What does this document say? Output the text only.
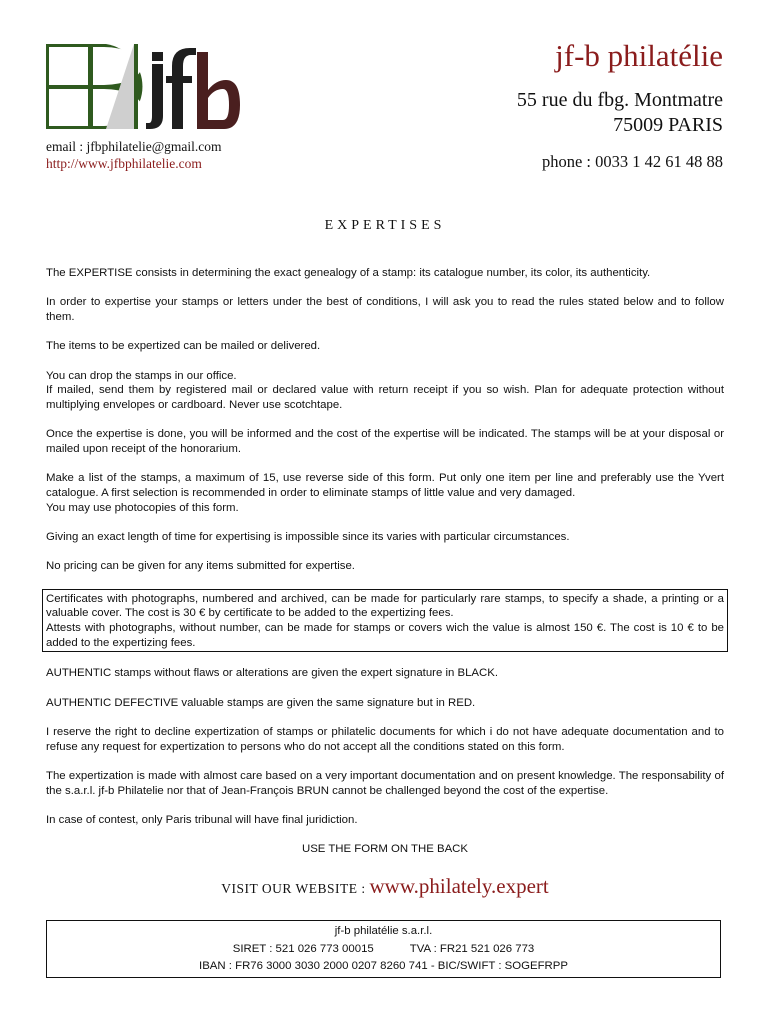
email : jfbphilatelie@gmail.com
http://www.jfbphilatelie.com
jf-b philatélie
55 rue du fbg. Montmatre
75009 PARIS
phone : 0033 1 42 61 48 88
EXPERTISES

The EXPERTISE consists in determining the exact genealogy of a stamp: its catalogue number, its color, its authenticity.

In order to expertise your stamps or letters under the best of conditions, I will ask you to read the rules stated below and to follow them.

The items to be expertized can be mailed or delivered.

You can drop the stamps in our office.
If mailed, send them by registered mail or declared value with return receipt if you so wish. Plan for adequate protection without multiplying envelopes or cardboard. Never use scotchtape.

Once the expertise is done, you will be informed and the cost of the expertise will be indicated. The stamps will be at your disposal or mailed upon receipt of the honorarium.

Make a list of the stamps, a maximum of 15, use reverse side of this form. Put only one item per line and preferably use the Yvert catalogue. A first selection is recommended in order to eliminate stamps of little value and very damaged.
You may use photocopies of this form.

Giving an exact length of time for expertising is impossible since its varies with particular circumstances.

No pricing can be given for any items submitted for expertise.

Certificates with photographs, numbered and archived, can be made for particularly rare stamps, to specify a shade, a printing or a valuable cover. The cost is 30 € by certificate to be added to the expertizing fees.

Attests with photographs, without number, can be made for stamps or covers wich the value is almost 150 €. The cost is 10 € to be added to the expertizing fees.

AUTHENTIC stamps without flaws or alterations are given the expert signature in BLACK.

AUTHENTIC DEFECTIVE valuable stamps are given the same signature but in RED.

I reserve the right to decline expertization of stamps or philatelic documents for which i do not have adequate documentation and to refuse any request for expertization to persons who do not accept all the conditions stated on this form.

The expertization is made with almost care based on a very important documentation and on present knowledge. The responsability of the s.a.r.l. jf-b Philatelie nor that of Jean-François BRUN cannot be challenged beyond the cost of the expertise.

In case of contest, only Paris tribunal will have final juridiction.

USE THE FORM ON THE BACK

VISIT OUR WEBSITE : www.philately.expert
jf-b philatélie s.a.r.l.
SIRET : 521 026 773 00015	TVA : FR21 521 026 773
IBAN : FR76 3000 3030 2000 0207 8260 741 - BIC/SWIFT : SOGEFRPP
